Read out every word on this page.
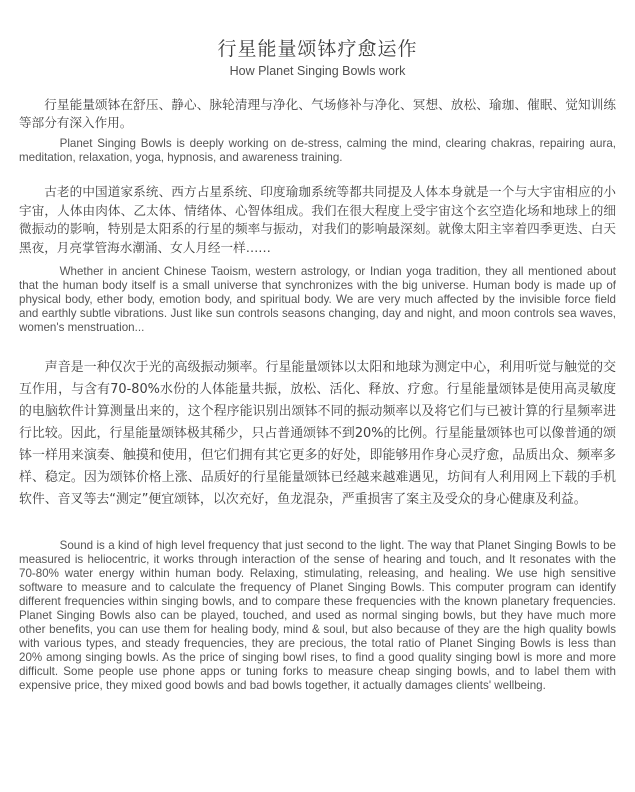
行星能量颂钵疗愈运作
How Planet Singing Bowls work
行星能量颂钵在舒压、静心、脉轮清理与净化、气场修补与净化、冥想、放松、瑜珈、催眠、觉知训练等部分有深入作用。
Planet Singing Bowls is deeply working on de-stress, calming the mind, clearing chakras, repairing aura, meditation, relaxation, yoga, hypnosis, and awareness training.
古老的中国道家系统、西方占星系统、印度瑜珈系统等都共同提及人体本身就是一个与大宇宙相应的小宇宙，人体由肉体、乙太体、情绪体、心智体组成。我们在很大程度上受宇宙这个玄空造化场和地球上的细微振动的影响，特别是太阳系的行星的频率与振动，对我们的影响最深刻。就像太阳主宰着四季更迭、白天黑夜，月亮掌管海水潮涌、女人月经一样……
Whether in ancient Chinese Taoism, western astrology, or Indian yoga tradition, they all mentioned about that the human body itself is a small universe that synchronizes with the big universe. Human body is made up of physical body, ether body, emotion body, and spiritual body. We are very much affected by the invisible force field and earthly subtle vibrations. Just like sun controls seasons changing, day and night, and moon controls sea waves, women's menstruation...
声音是一种仅次于光的高级振动频率。行星能量颂钵以太阳和地球为测定中心，利用听觉与触觉的交互作用，与含有70-80%水份的人体能量共振，放松、活化、释放、疗愈。行星能量颂钵是使用高灵敏度的电脑软件计算测量出来的，这个程序能识别出颂钵不同的振动频率以及将它们与已被计算的行星频率进行比较。因此，行星能量颂钵极其稀少，只占普通颂钵不到20%的比例。行星能量颂钵也可以像普通的颂钵一样用来演奏、触摸和使用，但它们拥有其它更多的好处，即能够用作身心灵疗愈，品质出众、频率多样、稳定。因为颂钵价格上涨、品质好的行星能量颂钵已经越来越难遇见，坊间有人利用网上下载的手机软件、音叉等去“测定”便宜颂钵，以次充好，鱼龙混杂，严重损害了案主及受众的身心健康及利益。
Sound is a kind of high level frequency that just second to the light. The way that Planet Singing Bowls to be measured is heliocentric, it works through interaction of the sense of hearing and touch, and It resonates with the 70-80% water energy within human body. Relaxing, stimulating, releasing, and healing. We use high sensitive software to measure and to calculate the frequency of Planet Singing Bowls. This computer program can identify different frequencies within singing bowls, and to compare these frequencies with the known planetary frequencies. Planet Singing Bowls also can be played, touched, and used as normal singing bowls, but they have much more other benefits, you can use them for healing body, mind & soul, but also because of they are the high quality bowls with various types, and steady frequencies, they are precious, the total ratio of Planet Singing Bowls is less than 20% among singing bowls. As the price of singing bowl rises, to find a good quality singing bowl is more and more difficult. Some people use phone apps or tuning forks to measure cheap singing bowls, and to label them with expensive price, they mixed good bowls and bad bowls together, it actually damages clients' wellbeing.
